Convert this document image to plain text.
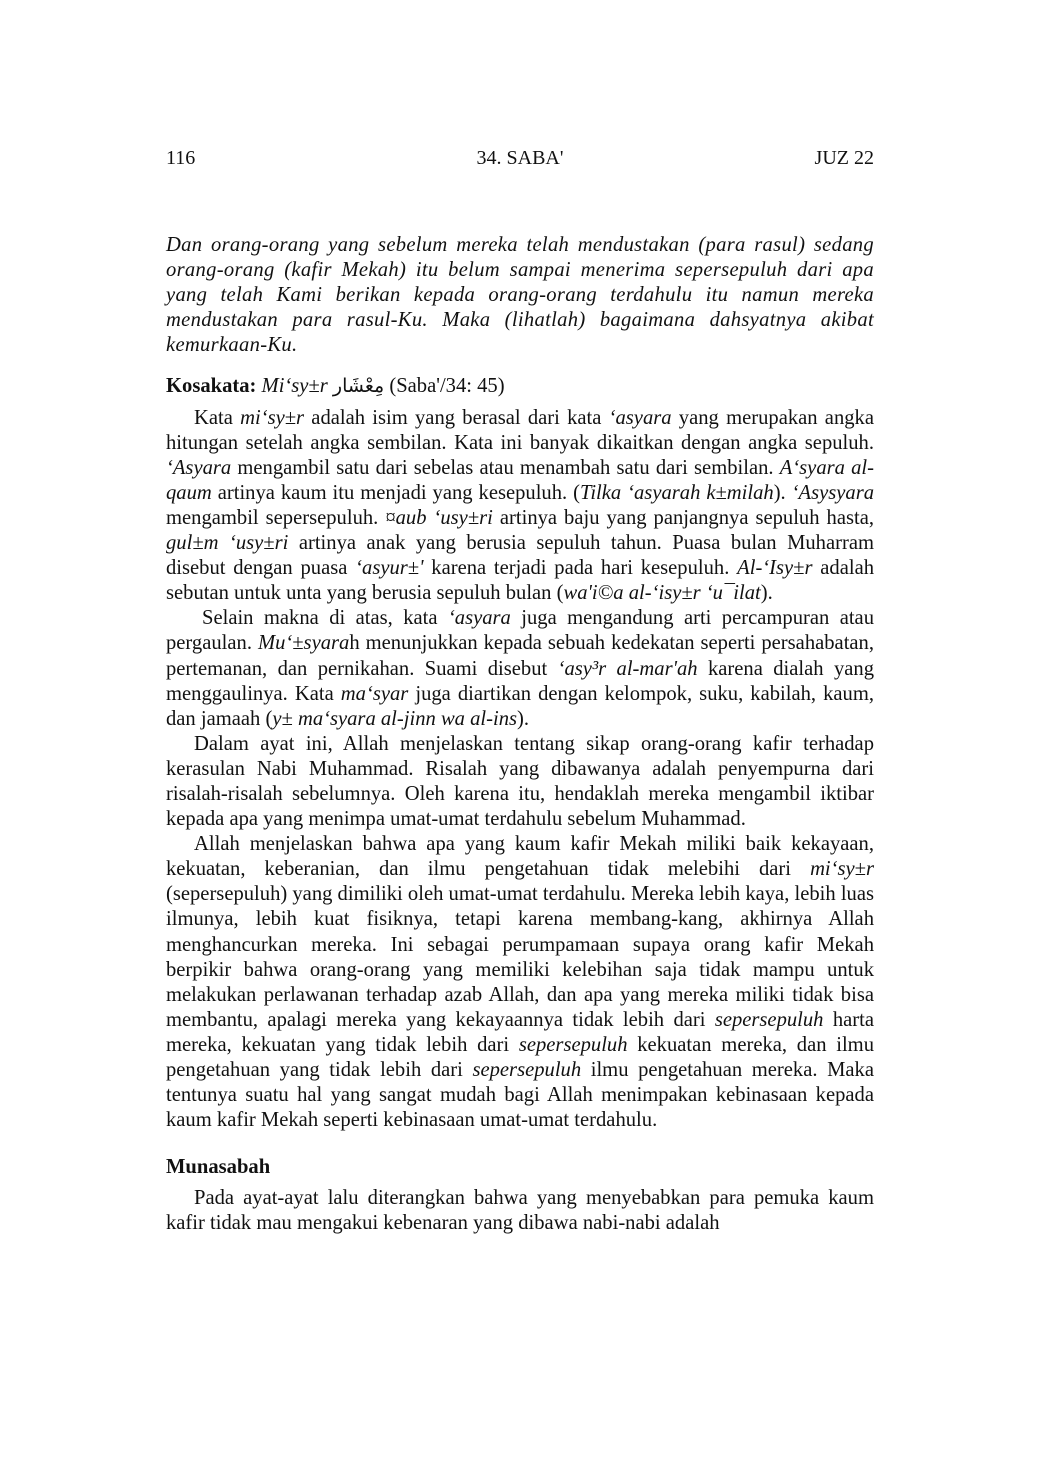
116	34. SABA'	JUZ 22

Dan orang-orang yang sebelum mereka telah mendustakan (para rasul) sedang orang-orang (kafir Mekah) itu belum sampai menerima sepersepuluh dari apa yang telah Kami berikan kepada orang-orang terdahulu itu namun mereka mendustakan para rasul-Ku. Maka (lihatlah) bagaimana dahsyatnya akibat kemurkaan-Ku.

Kosakata: Mi‘sy±r مِعْشَار (Saba'/34: 45)

Kata mi‘sy±r adalah isim yang berasal dari kata ‘asyara yang merupakan angka hitungan setelah angka sembilan. Kata ini banyak dikaitkan dengan angka sepuluh. ‘Asyara mengambil satu dari sebelas atau menambah satu dari sembilan. A‘syara al-qaum artinya kaum itu menjadi yang kesepuluh. (Tilka ‘asyarah k±milah). ‘Asysyara mengambil sepersepuluh. ¤aub ‘usy±ri artinya baju yang panjangnya sepuluh hasta, gul±m ‘usy±ri artinya anak yang berusia sepuluh tahun. Puasa bulan Muharram disebut dengan puasa ‘asyur±' karena terjadi pada hari kesepuluh. Al-‘Isy±r adalah sebutan untuk unta yang berusia sepuluh bulan (wa'i©a al-‘isy±r ‘u¯ilat).

Selain makna di atas, kata ‘asyara juga mengandung arti percampuran atau pergaulan. Mu‘±syarah menunjukkan kepada sebuah kedekatan seperti persahabatan, pertemanan, dan pernikahan. Suami disebut ‘asy³r al-mar'ah karena dialah yang menggaulinya. Kata ma‘syar juga diartikan dengan kelompok, suku, kabilah, kaum, dan jamaah (y± ma‘syara al-jinn wa al-ins).

Dalam ayat ini, Allah menjelaskan tentang sikap orang-orang kafir terhadap kerasulan Nabi Muhammad. Risalah yang dibawanya adalah penyempurna dari risalah-risalah sebelumnya. Oleh karena itu, hendaklah mereka mengambil iktibar kepada apa yang menimpa umat-umat terdahulu sebelum Muhammad.

Allah menjelaskan bahwa apa yang kaum kafir Mekah miliki baik kekayaan, kekuatan, keberanian, dan ilmu pengetahuan tidak melebihi dari mi‘sy±r (sepersepuluh) yang dimiliki oleh umat-umat terdahulu. Mereka lebih kaya, lebih luas ilmunya, lebih kuat fisiknya, tetapi karena membang-kang, akhirnya Allah menghancurkan mereka. Ini sebagai perumpamaan supaya orang kafir Mekah berpikir bahwa orang-orang yang memiliki kelebihan saja tidak mampu untuk melakukan perlawanan terhadap azab Allah, dan apa yang mereka miliki tidak bisa membantu, apalagi mereka yang kekayaannya tidak lebih dari sepersepuluh harta mereka, kekuatan yang tidak lebih dari sepersepuluh kekuatan mereka, dan ilmu pengetahuan yang tidak lebih dari sepersepuluh ilmu pengetahuan mereka. Maka tentunya suatu hal yang sangat mudah bagi Allah menimpakan kebinasaan kepada kaum kafir Mekah seperti kebinasaan umat-umat terdahulu.

Munasabah

Pada ayat-ayat lalu diterangkan bahwa yang menyebabkan para pemuka kaum kafir tidak mau mengakui kebenaran yang dibawa nabi-nabi adalah
